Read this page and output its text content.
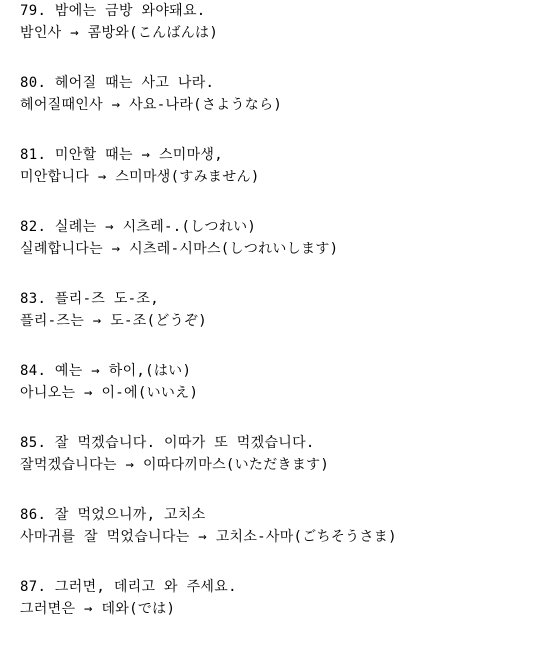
79. 밤에는 금방 와야돼요.
밤인사 → 콤방와(こんばんは)
80. 헤어질 때는 사고 나라.
헤어질때인사 → 사요-나라(さようなら)
81. 미안할 때는 → 스미마생,
미안합니다 → 스미마생(すみません)
82. 실례는 → 시츠레-.(しつれい)
실례합니다는 → 시츠레-시마스(しつれいします)
83. 플리-즈 도-조,
플리-즈는 → 도-조(どうぞ)
84. 예는 → 하이,(はい)
아니오는 → 이-에(いいえ)
85. 잘 먹겠습니다. 이따가 또 먹겠습니다.
잘먹겠습니다는 → 이따다끼마스(いただきます)
86. 잘 먹었으니까, 고치소
사마귀를 잘 먹었습니다는 → 고치소-사마(ごちそうさま)
87. 그러면, 데리고 와 주세요.
그러면은 → 데와(では)
